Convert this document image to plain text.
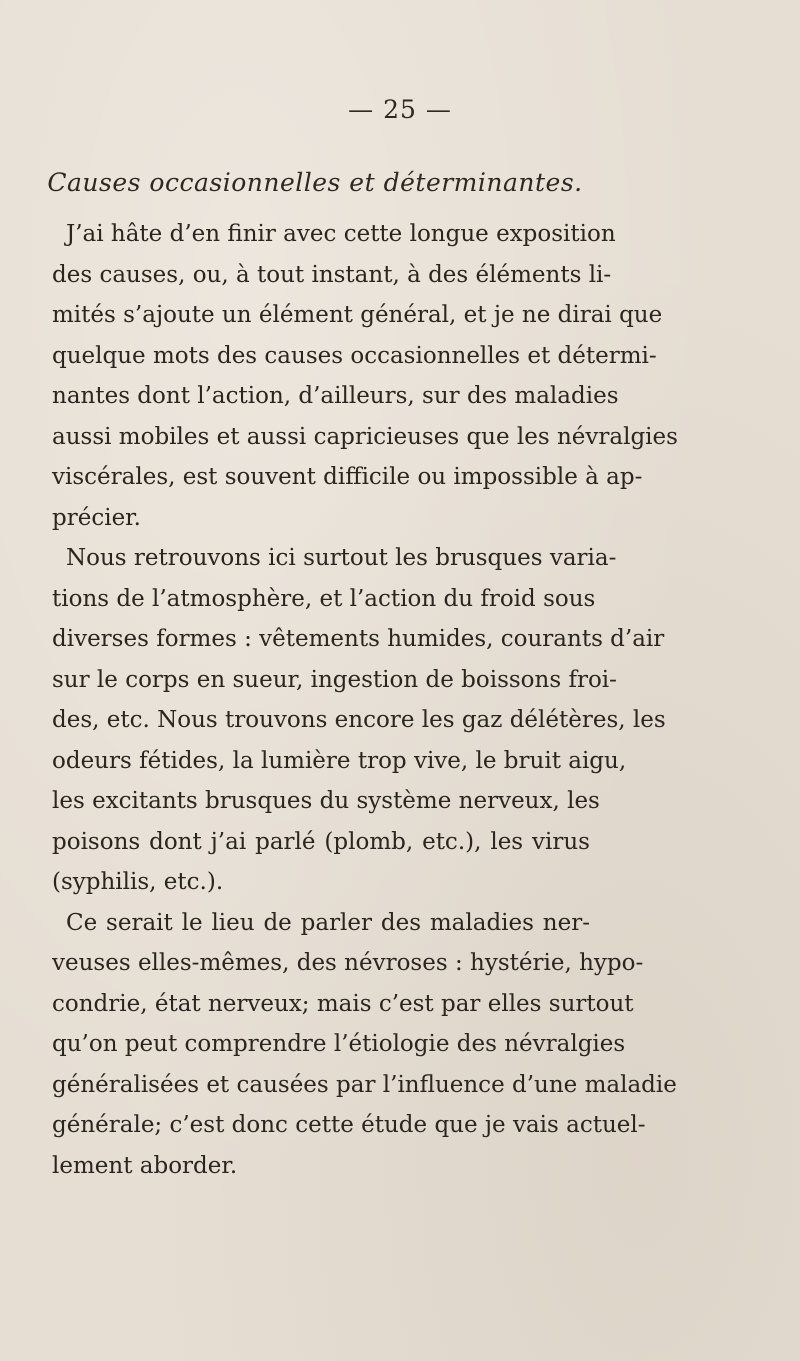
— 25 —
Causes occasionnelles et déterminantes.
J’ai hâte d’en finir avec cette longue exposition
des causes, ou, à tout instant, à des éléments li-
mités s’ajoute un élément général, et je ne dirai que
quelque mots des causes occasionnelles et détermi-
nantes dont l’action, d’ailleurs, sur des maladies
aussi mobiles et aussi capricieuses que les névralgies
viscérales, est souvent difficile ou impossible à ap-
précier.
Nous retrouvons ici surtout les brusques varia-
tions de l’atmosphère, et l’action du froid sous
diverses formes : vêtements humides, courants d’air
sur le corps en sueur, ingestion de boissons froi-
des, etc. Nous trouvons encore les gaz délétères, les
odeurs fétides, la lumière trop vive, le bruit aigu,
les excitants brusques du système nerveux, les
poisons dont j’ai parlé (plomb, etc.), les virus
(syphilis, etc.).
Ce serait le lieu de parler des maladies ner-
veuses elles-mêmes, des névroses : hystérie, hypo-
condrie, état nerveux; mais c’est par elles surtout
qu’on peut comprendre l’étiologie des névralgies
généralisées et causées par l’influence d’une maladie
générale; c’est donc cette étude que je vais actuel-
lement aborder.
